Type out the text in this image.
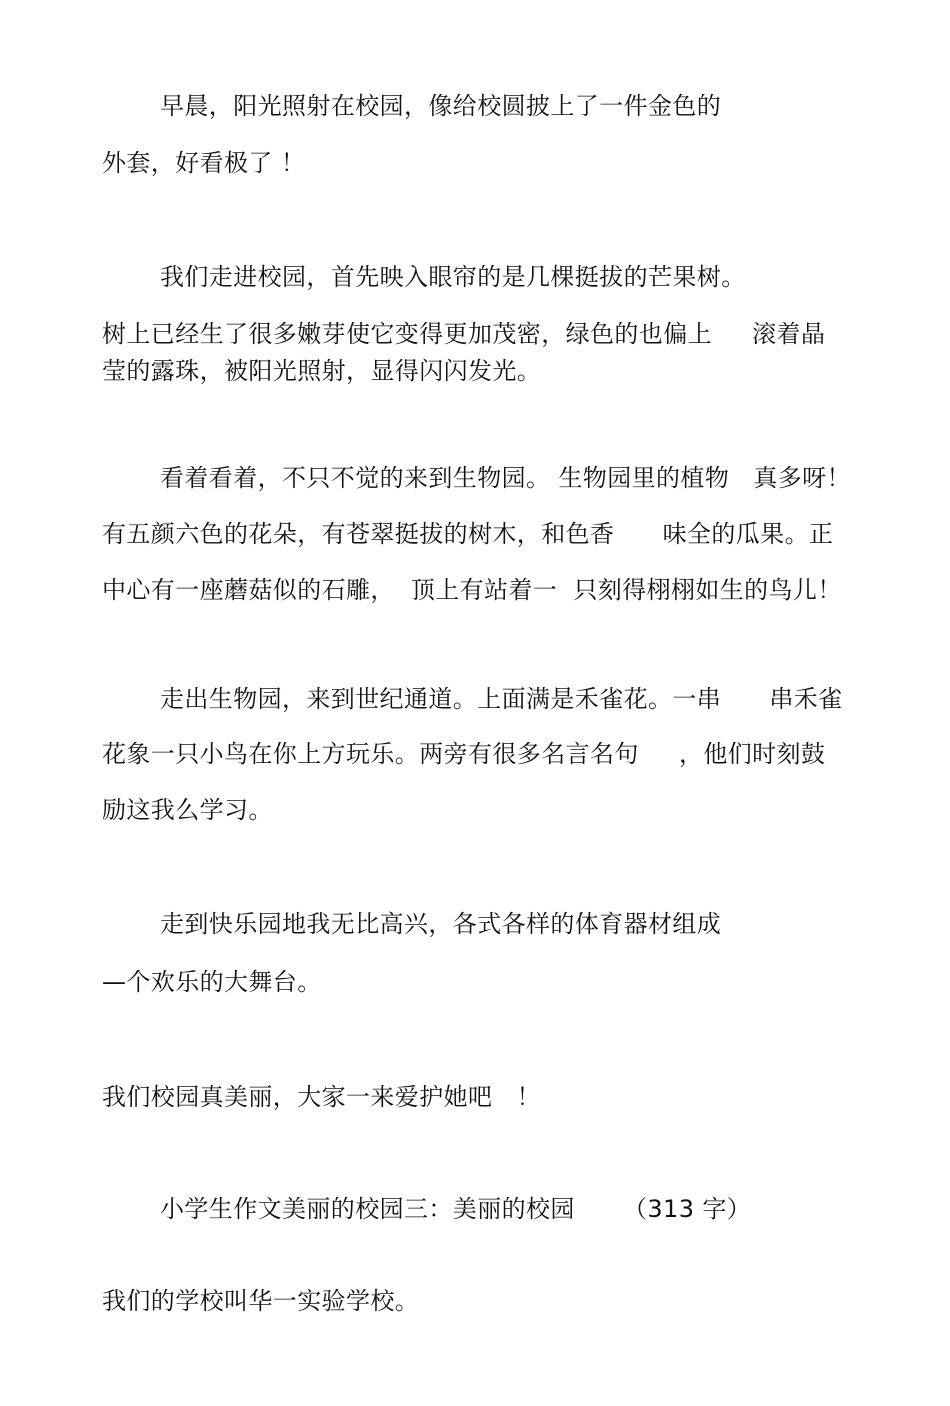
早晨，阳光照射在校园，像给校圆披上了一件金色的
外套，好看极了 ！
我们走进校园，首先映入眼帘的是几棵挺拔的芒果树。
树上已经生了很多嫩芽使它变得更加茂密，绿色的也偏上     滚着晶
莹的露珠，被阳光照射，显得闪闪发光。
看着看着，不只不觉的来到生物园。 生物园里的植物   真多呀！
有五颜六色的花朵，有苍翠挺拔的树木，和色香      味全的瓜果。正
中心有一座蘑菇似的石雕，  顶上有站着一  只刻得栩栩如生的鸟儿！
走出生物园，来到世纪通道。上面满是禾雀花。一串      串禾雀
花象一只小鸟在你上方玩乐。两旁有很多名言名句     ，他们时刻鼓
励这我么学习。
走到快乐园地我无比高兴，各式各样的体育器材组成
—个欢乐的大舞台。
我们校园真美丽，大家一来爱护她吧   ！
小学生作文美丽的校园三：美丽的校园      （313 字）
我们的学校叫华一实验学校。
